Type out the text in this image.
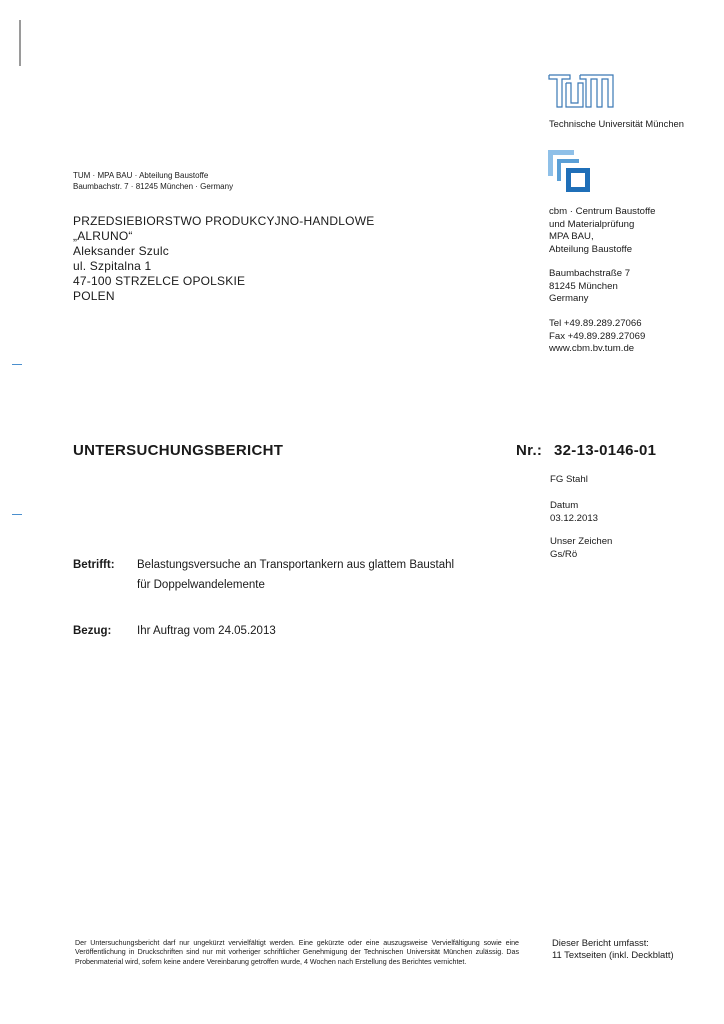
Technische Universität München
TUM · MPA BAU · Abteilung Baustoffe
Baumbachstr. 7 · 81245 München · Germany
PRZEDSIEBIORSTWO PRODUKCYJNO-HANDLOWE
„ALRUNO“
Aleksander Szulc
ul. Szpitalna 1
47-100 STRZELCE OPOLSKIE
POLEN
cbm · Centrum Baustoffe
und Materialprüfung
MPA BAU,
Abteilung Baustoffe
Baumbachstraße 7
81245 München
Germany
Tel +49.89.289.27066
Fax +49.89.289.27069
www.cbm.bv.tum.de
UNTERSUCHUNGSBERICHT	Nr.: 32-13-0146-01
FG Stahl
Datum
03.12.2013
Unser Zeichen
Gs/Rö
Betrifft: Belastungsversuche an Transportankern aus glattem Baustahl
für Doppelwandelemente
Bezug: Ihr Auftrag vom 24.05.2013
Der Untersuchungsbericht darf nur ungekürzt vervielfältigt werden. Eine gekürzte oder eine auszugsweise Vervielfältigung sowie eine Veröffentlichung in Druckschriften sind nur mit vorheriger schriftlicher Genehmigung der Technischen Universität München zulässig. Das Probenmaterial wird, sofern keine andere Vereinbarung getroffen wurde, 4 Wochen nach Erstellung des Berichtes vernichtet.
Dieser Bericht umfasst:
11 Textseiten (inkl. Deckblatt)
